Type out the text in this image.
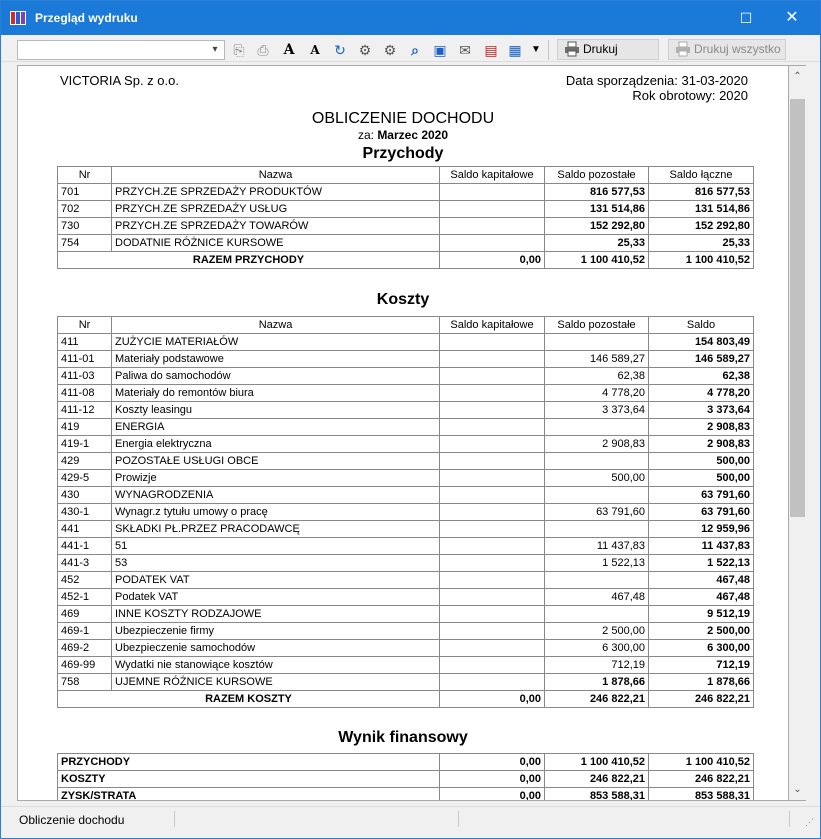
Przegląd wydruku	☐	✕
▾	⎘ ⎙ A	A	↻ ⚙ ⚙	⌕	▣ ✉ ▤ ▦ ▼	Drukuj	Drukuj wszystko
VICTORIA Sp. z o.o.	Data sporządzenia: 31-03-2020
Rok obrotowy: 2020
OBLICZENIE DOCHODU
za: Marzec 2020
Przychody
Nr	Nazwa	Saldo kapitałowe	Saldo pozostałe	Saldo łączne
701	PRZYCH.ZE SPRZEDAŻY PRODUKTÓW		816 577,53	816 577,53
702	PRZYCH.ZE SPRZEDAŻY USŁUG		131 514,86	131 514,86
730	PRZYCH.ZE SPRZEDAŻY TOWARÓW		152 292,80	152 292,80
754	DODATNIE RÓŻNICE KURSOWE		25,33	25,33
RAZEM PRZYCHODY		0,00	1 100 410,52	1 100 410,52
Koszty
Nr	Nazwa	Saldo kapitałowe	Saldo pozostałe	Saldo
411	ZUŻYCIE MATERIAŁÓW			154 803,49
411-01	Materiały podstawowe		146 589,27	146 589,27
411-03	Paliwa do samochodów		62,38	62,38
411-08	Materiały do remontów biura		4 778,20	4 778,20
411-12	Koszty leasingu		3 373,64	3 373,64
419	ENERGIA			2 908,83
419-1	Energia elektryczna		2 908,83	2 908,83
429	POZOSTAŁE USŁUGI OBCE			500,00
429-5	Prowizje		500,00	500,00
430	WYNAGRODZENIA			63 791,60
430-1	Wynagr.z tytułu umowy o pracę		63 791,60	63 791,60
441	SKŁADKI PŁ.PRZEZ PRACODAWCĘ			12 959,96
441-1	51		11 437,83	11 437,83
441-3	53		1 522,13	1 522,13
452	PODATEK VAT			467,48
452-1	Podatek VAT		467,48	467,48
469	INNE KOSZTY RODZAJOWE			9 512,19
469-1	Ubezpieczenie firmy		2 500,00	2 500,00
469-2	Ubezpieczenie samochodów		6 300,00	6 300,00
469-99	Wydatki nie stanowiące kosztów		712,19	712,19
758	UJEMNE RÓŻNICE KURSOWE		1 878,66	1 878,66
RAZEM KOSZTY		0,00	246 822,21	246 822,21
Wynik finansowy
PRZYCHODY	0,00	1 100 410,52	1 100 410,52
KOSZTY	0,00	246 822,21	246 822,21
ZYSK/STRATA	0,00	853 588,31	853 588,31
⌃
⌄
Obliczenie dochodu	⋰
